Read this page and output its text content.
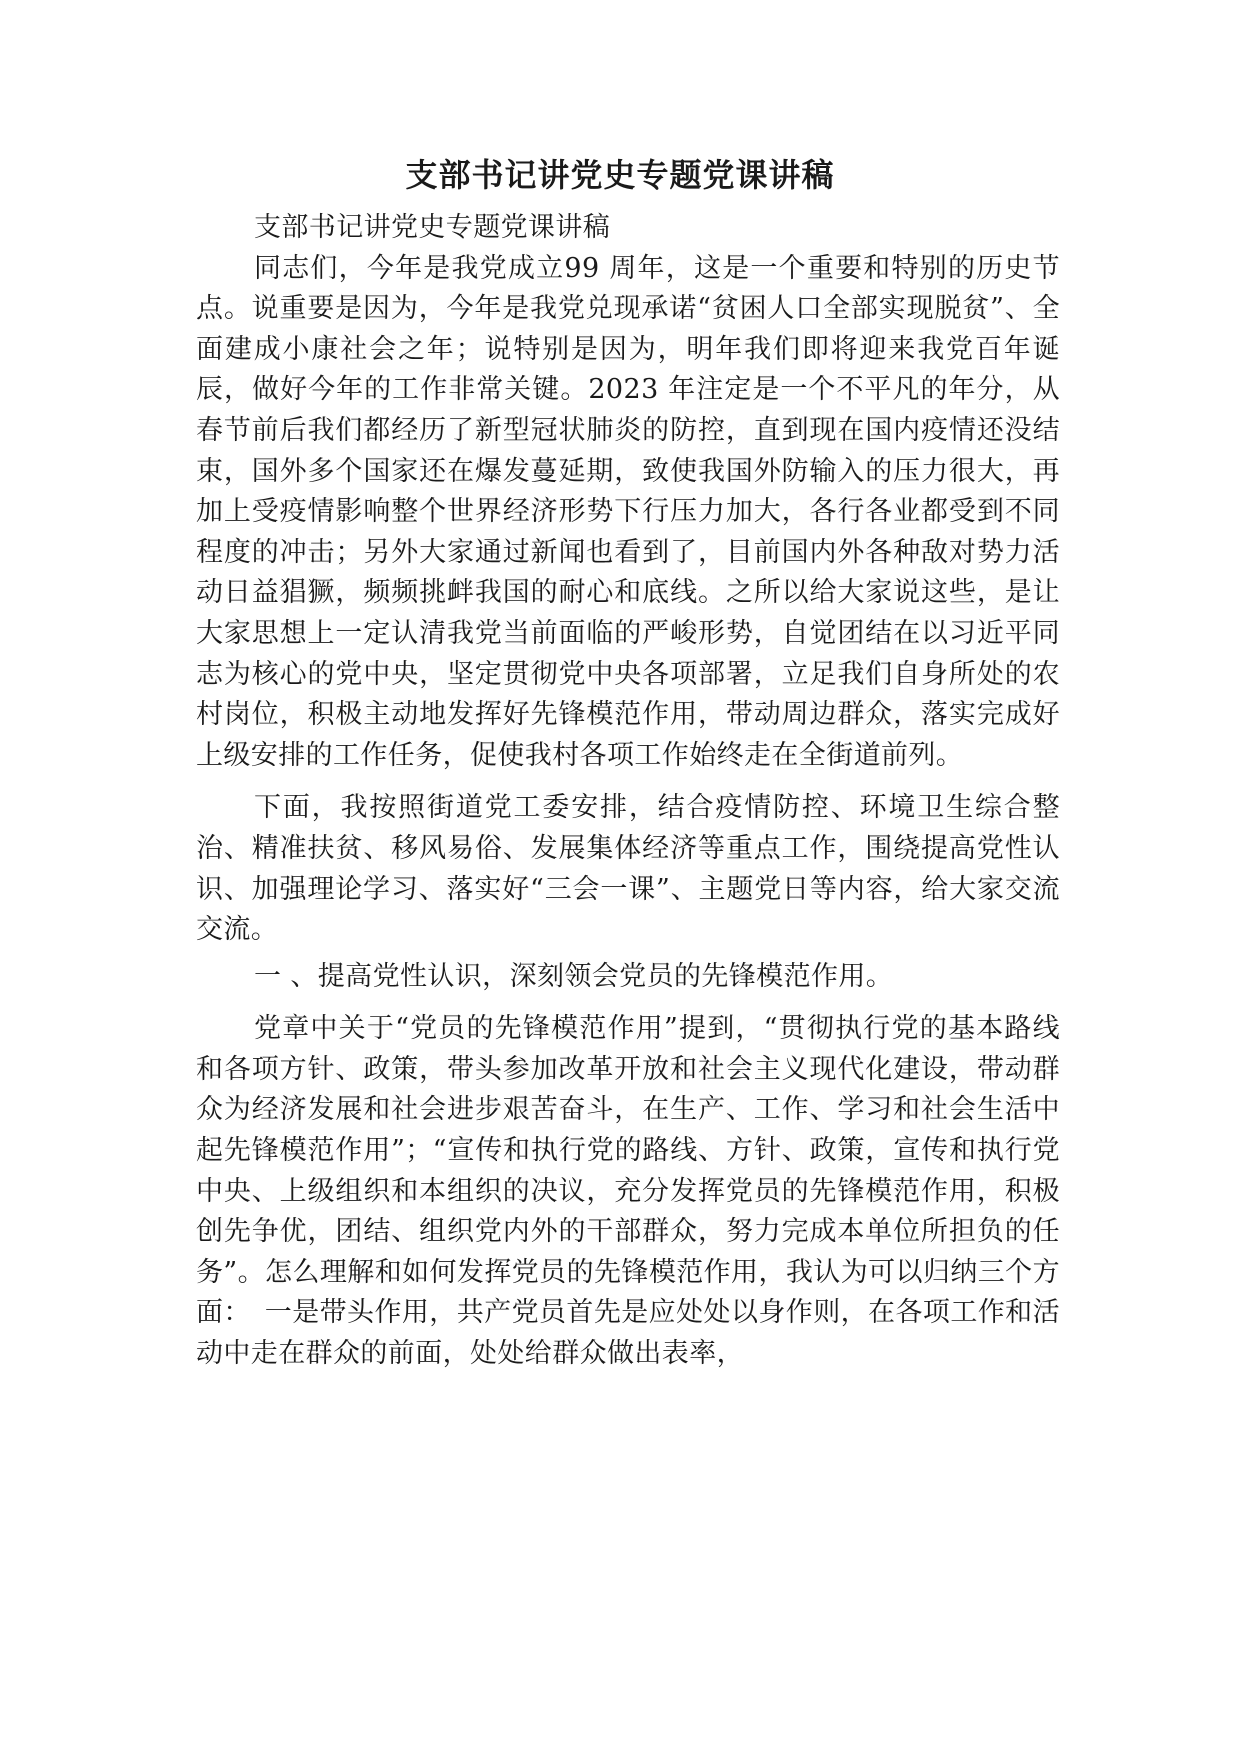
支部书记讲党史专题党课讲稿

支部书记讲党史专题党课讲稿

同志们，今年是我党成立99 周年，这是一个重要和特别的历史节点。说重要是因为，今年是我党兑现承诺“贫困人口全部实现脱贫”、全面建成小康社会之年；说特别是因为，明年我们即将迎来我党百年诞辰，做好今年的工作非常关键。2023 年注定是一个不平凡的年分，从春节前后我们都经历了新型冠状肺炎的防控，直到现在国内疫情还没结束，国外多个国家还在爆发蔓延期，致使我国外防输入的压力很大，再加上受疫情影响整个世界经济形势下行压力加大，各行各业都受到不同程度的冲击；另外大家通过新闻也看到了，目前国内外各种敌对势力活动日益猖獗，频频挑衅我国的耐心和底线。之所以给大家说这些，是让大家思想上一定认清我党当前面临的严峻形势，自觉团结在以习近平同志为核心的党中央，坚定贯彻党中央各项部署，立足我们自身所处的农村岗位，积极主动地发挥好先锋模范作用，带动周边群众，落实完成好上级安排的工作任务，促使我村各项工作始终走在全街道前列。

下面，我按照街道党工委安排，结合疫情防控、环境卫生综合整治、精准扶贫、移风易俗、发展集体经济等重点工作，围绕提高党性认识、加强理论学习、落实好“三会一课”、主题党日等内容，给大家交流交流。

一 、提高党性认识，深刻领会党员的先锋模范作用。

党章中关于“党员的先锋模范作用”提到，“贯彻执行党的基本路线和各项方针、政策，带头参加改革开放和社会主义现代化建设，带动群众为经济发展和社会进步艰苦奋斗，在生产、工作、学习和社会生活中起先锋模范作用”；“宣传和执行党的路线、方针、政策，宣传和执行党中央、上级组织和本组织的决议，充分发挥党员的先锋模范作用，积极创先争优，团结、组织党内外的干部群众，努力完成本单位所担负的任务”。怎么理解和如何发挥党员的先锋模范作用，我认为可以归纳三个方面：　一是带头作用，共产党员首先是应处处以身作则，在各项工作和活动中走在群众的前面，处处给群众做出表率，
